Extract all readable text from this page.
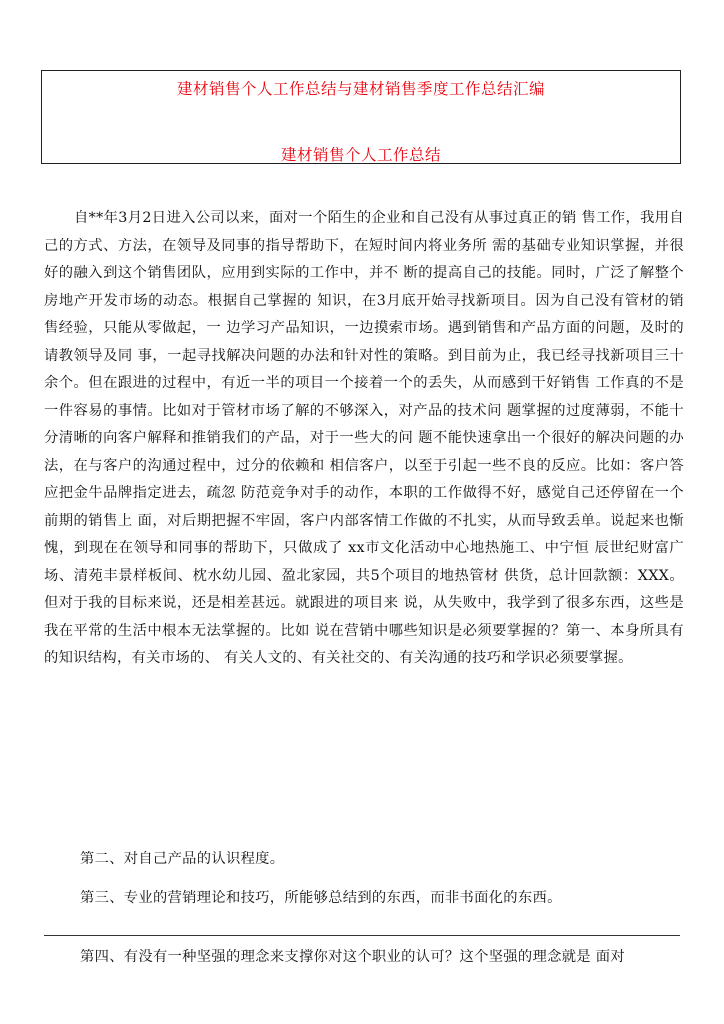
建材销售个人工作总结与建材销售季度工作总结汇编
建材销售个人工作总结
自**年3月2日进入公司以来，面对一个陌生的企业和自己没有从事过真正的销 售工作，我用自己的方式、方法，在领导及同事的指导帮助下，在短时间内将业务所 需的基础专业知识掌握，并很好的融入到这个销售团队，应用到实际的工作中，并不 断的提高自己的技能。同时，广泛了解整个房地产开发市场的动态。根据自己掌握的 知识，在3月底开始寻找新项目。因为自己没有管材的销售经验，只能从零做起，一 边学习产品知识，一边摸索市场。遇到销售和产品方面的问题，及时的请教领导及同 事，一起寻找解决问题的办法和针对性的策略。到目前为止，我已经寻找新项目三十 余个。但在跟进的过程中，有近一半的项目一个接着一个的丢失，从而感到干好销售 工作真的不是一件容易的事情。比如对于管材市场了解的不够深入，对产品的技术问 题掌握的过度薄弱，不能十分清晰的向客户解释和推销我们的产品，对于一些大的问 题不能快速拿出一个很好的解决问题的办法，在与客户的沟通过程中，过分的依赖和 相信客户，以至于引起一些不良的反应。比如：客户答应把金牛品牌指定进去，疏忽 防范竞争对手的动作，本职的工作做得不好，感觉自己还停留在一个前期的销售上 面，对后期把握不牢固，客户内部客情工作做的不扎实，从而导致丢单。说起来也惭 愧，到现在在领导和同事的帮助下，只做成了 xx市文化活动中心地热施工、中宁恒 辰世纪财富广场、清苑丰景样板间、枕水幼儿园、盈北家园，共5个项目的地热管材 供货，总计回款额：XXX。但对于我的目标来说，还是相差甚远。就跟进的项目来 说，从失败中，我学到了很多东西，这些是我在平常的生活中根本无法掌握的。比如 说在营销中哪些知识是必须要掌握的？第一、本身所具有的知识结构，有关市场的、 有关人文的、有关社交的、有关沟通的技巧和学识必须要掌握。
第二、对自己产品的认识程度。
第三、专业的营销理论和技巧，所能够总结到的东西，而非书面化的东西。
第四、有没有一种坚强的理念来支撑你对这个职业的认可？这个坚强的理念就是 面对
